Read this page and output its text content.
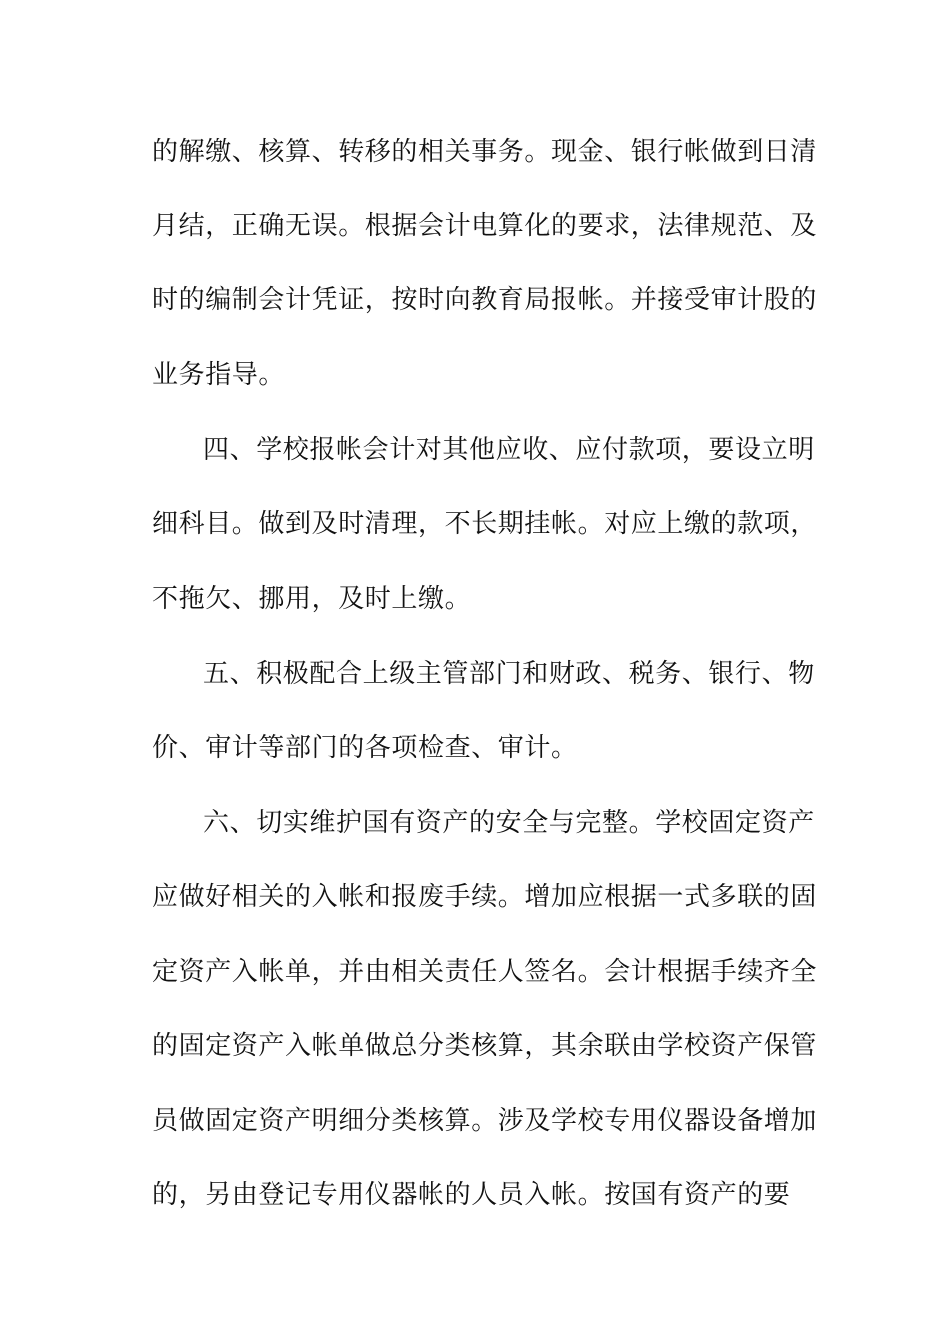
的解缴、核算、转移的相关事务。现金、银行帐做到日清
月结，正确无误。根据会计电算化的要求，法律规范、及
时的编制会计凭证，按时向教育局报帐。并接受审计股的
业务指导。
四、学校报帐会计对其他应收、应付款项，要设立明
细科目。做到及时清理，不长期挂帐。对应上缴的款项，
不拖欠、挪用，及时上缴。
五、积极配合上级主管部门和财政、税务、银行、物
价、审计等部门的各项检查、审计。
六、切实维护国有资产的安全与完整。学校固定资产
应做好相关的入帐和报废手续。增加应根据一式多联的固
定资产入帐单，并由相关责任人签名。会计根据手续齐全
的固定资产入帐单做总分类核算，其余联由学校资产保管
员做固定资产明细分类核算。涉及学校专用仪器设备增加
的，另由登记专用仪器帐的人员入帐。按国有资产的要
